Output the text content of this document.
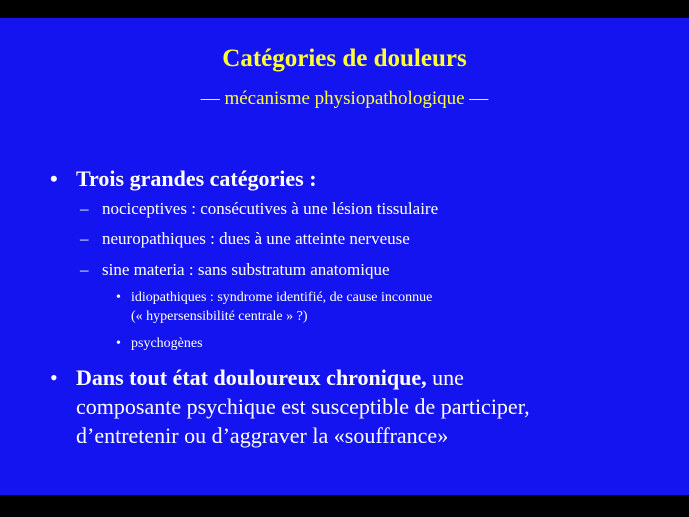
Catégories de douleurs
— mécanisme physiopathologique —
• Trois grandes catégories :
– nociceptives : consécutives à une lésion tissulaire
– neuropathiques : dues à une atteinte nerveuse
– sine materia : sans substratum anatomique
• idiopathiques : syndrome identifié, de cause inconnue
(« hypersensibilité centrale » ?)
• psychogènes
• Dans tout état douloureux chronique, une
composante psychique est susceptible de participer,
d’entretenir ou d’aggraver la «souffrance»
